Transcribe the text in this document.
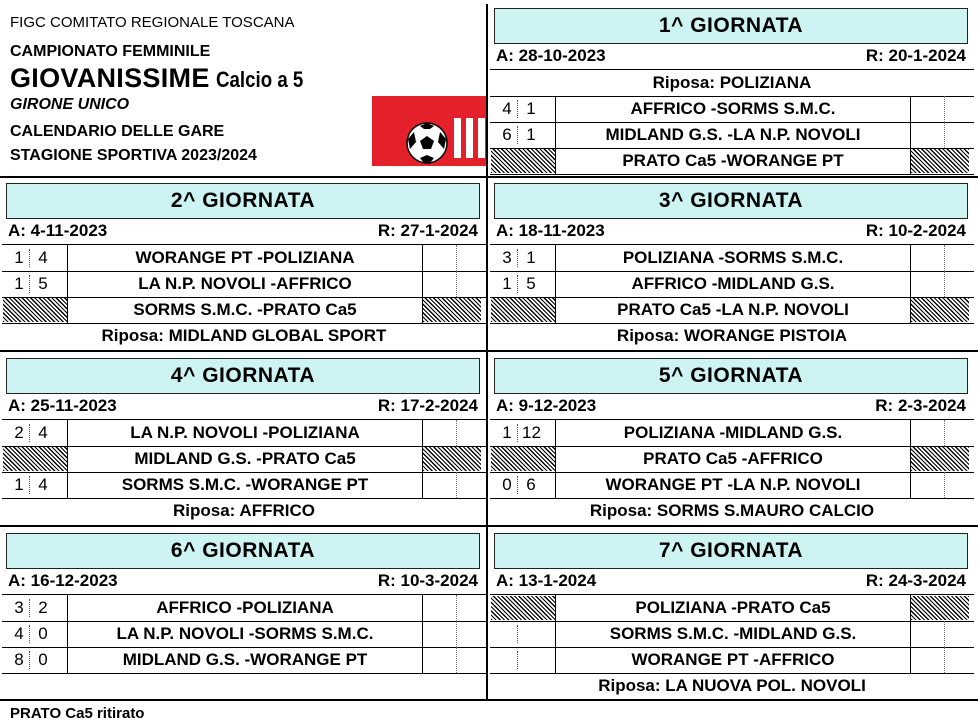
FIGC COMITATO REGIONALE TOSCANA
CAMPIONATO FEMMINILE
GIOVANISSIME Calcio a 5
GIRONE UNICO
CALENDARIO DELLE GARE
STAGIONE SPORTIVA 2023/2024
1^ GIORNATA
A: 28-10-2023	R: 20-1-2024
Riposa: POLIZIANA
4 1	AFFRICO -SORMS S.M.C.
6 1	MIDLAND G.S. -LA N.P. NOVOLI
PRATO Ca5 -WORANGE PT
2^ GIORNATA
A: 4-11-2023	R: 27-1-2024
1 4	WORANGE PT -POLIZIANA
1 5	LA N.P. NOVOLI -AFFRICO
SORMS S.M.C. -PRATO Ca5
Riposa: MIDLAND GLOBAL SPORT
3^ GIORNATA
A: 18-11-2023	R: 10-2-2024
3 1	POLIZIANA -SORMS S.M.C.
1 5	AFFRICO -MIDLAND G.S.
PRATO Ca5 -LA N.P. NOVOLI
Riposa: WORANGE PISTOIA
4^ GIORNATA
A: 25-11-2023	R: 17-2-2024
2 4	LA N.P. NOVOLI -POLIZIANA
MIDLAND G.S. -PRATO Ca5
1 4	SORMS S.M.C. -WORANGE PT
Riposa: AFFRICO
5^ GIORNATA
A: 9-12-2023	R: 2-3-2024
1 12	POLIZIANA -MIDLAND G.S.
PRATO Ca5 -AFFRICO
0 6	WORANGE PT -LA N.P. NOVOLI
Riposa: SORMS S.MAURO CALCIO
6^ GIORNATA
A: 16-12-2023	R: 10-3-2024
3 2	AFFRICO -POLIZIANA
4 0	LA N.P. NOVOLI -SORMS S.M.C.
8 0	MIDLAND G.S. -WORANGE PT
7^ GIORNATA
A: 13-1-2024	R: 24-3-2024
POLIZIANA -PRATO Ca5
SORMS S.M.C. -MIDLAND G.S.
WORANGE PT -AFFRICO
Riposa: LA NUOVA POL. NOVOLI
PRATO Ca5 ritirato
